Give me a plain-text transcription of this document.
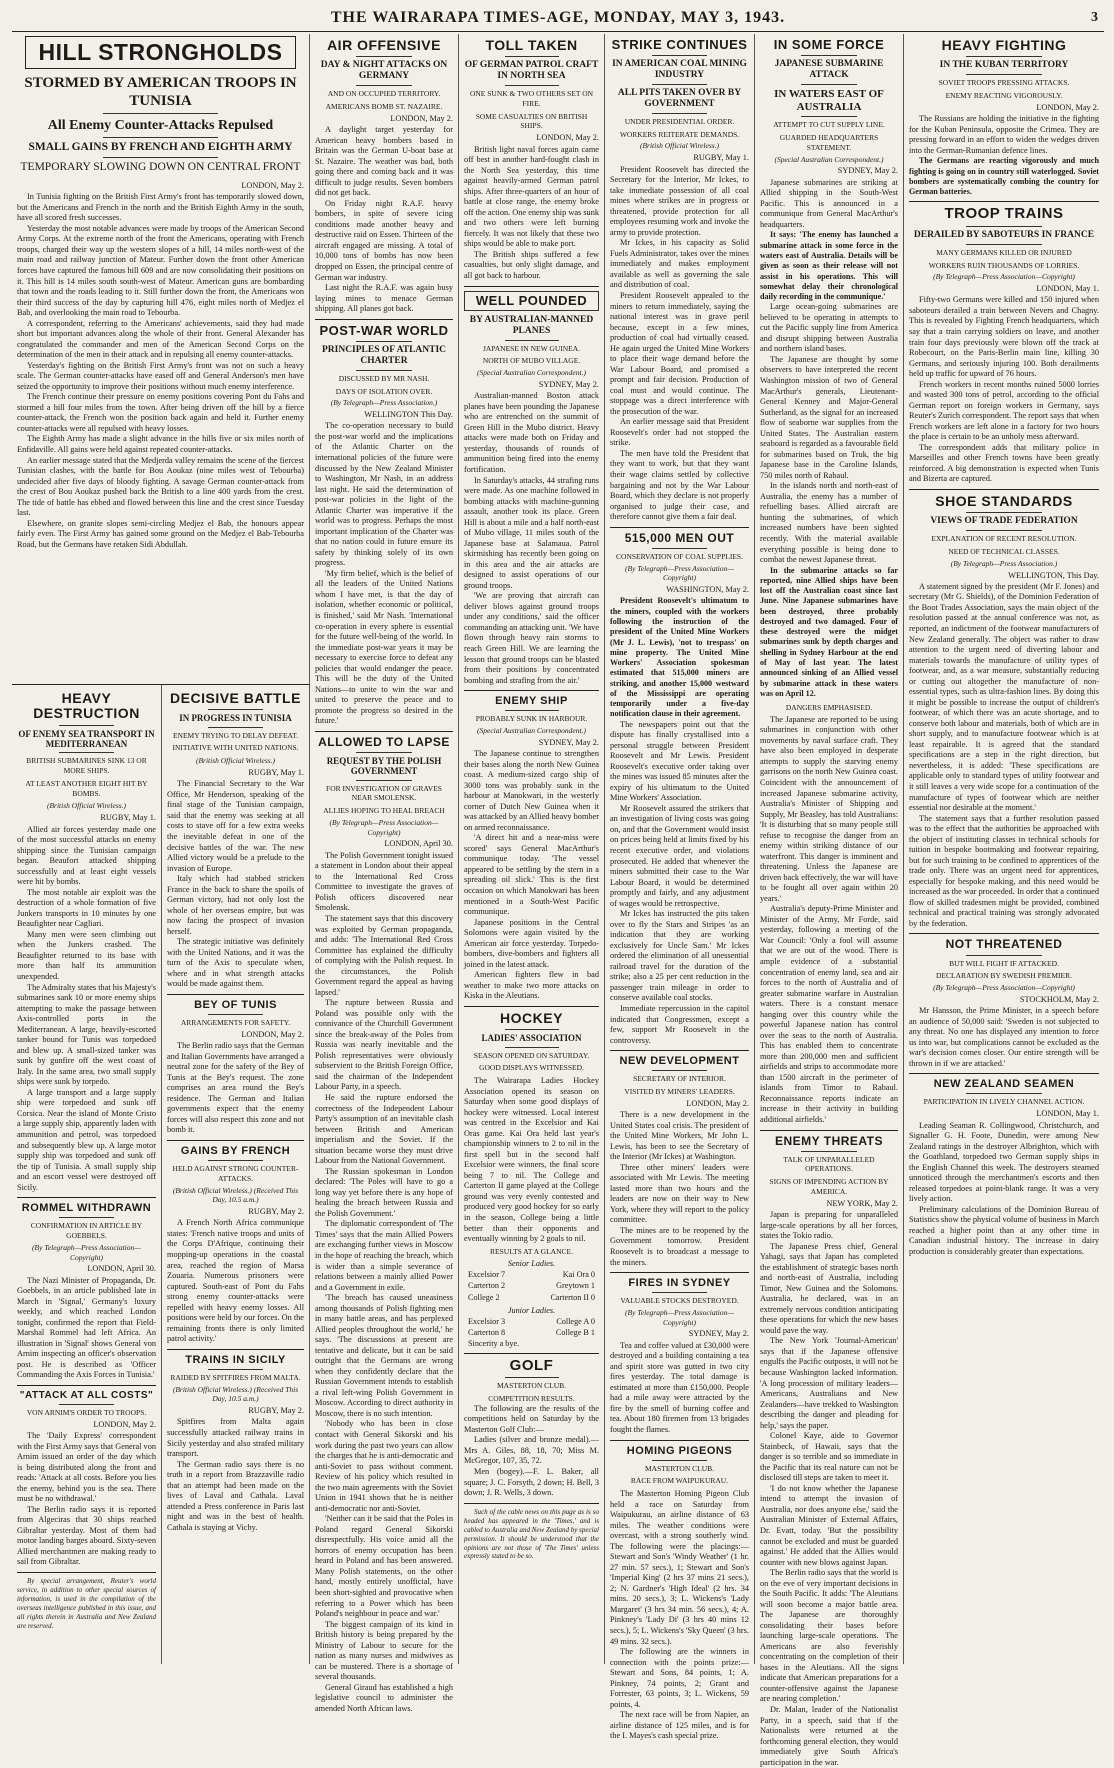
THE WAIRARAPA TIMES-AGE, MONDAY, MAY 3, 1943.	3
HILL STRONGHOLDS
STORMED BY AMERICAN TROOPS IN TUNISIA
All Enemy Counter-Attacks Repulsed
SMALL GAINS BY FRENCH AND EIGHTH ARMY
TEMPORARY SLOWING DOWN ON CENTRAL FRONT
LONDON, May 2.

In Tunisia fighting on the British First Army's front has temporarily slowed down, but the Americans and French in the north and the British Eighth Army in the south, have all scored fresh successes.

Yesterday the most notable advances were made by troops of the American Second Army Corps. At the extreme north of the front the Americans, operating with French troops, charged their way up the western slopes of a hill, 14 miles north-west of the main road and railway junction of Mateur. Further down the front other American forces have captured the famous hill 609 and are now consolidating their positions on it. This hill is 14 miles south south-west of Mateur. American guns are bombarding that town and the roads leading to it. Still further down the front, the Americans won their third success of the day by capturing hill 476, eight miles north of Medjez el Bab, and overlooking the main road to Tebourba.

A correspondent, referring to the Americans' achievements, said they had made short but important advances along the whole of their front. General Alexander has congratulated the commander and men of the American Second Corps on the determination of the men in their attack and in repulsing all enemy counter-attacks.

Yesterday's fighting on the British First Army's front was not on such a heavy scale. The German counter-attacks have eased off and General Anderson's men have seized the opportunity to improve their positions without much enemy interference.

The French continue their pressure on enemy positions covering Pont du Fahs and stormed a hill four miles from the town. After being driven off the hill by a fierce counter-attack, the French won the position back again and held it. Further enemy counter-attacks were all repulsed with heavy losses.

The Eighth Army has made a slight advance in the hills five or six miles north of Enfidaville. All gains were held against repeated counter-attacks.

An earlier message stated that the Medjerda valley remains the scene of the fiercest Tunisian clashes, with the battle for Bou Aoukaz (nine miles west of Tebourba) undecided after five days of bloody fighting. A savage German counter-attack from the crest of Bou Aoukaz pushed back the British to a line 400 yards from the crest. The tide of battle has ebbed and flowed between this line and the crest since Tuesday last.

Elsewhere, on granite slopes semi-circling Medjez el Bab, the honours appear fairly even. The First Army has gained some ground on the Medjez el Bab-Tebourba Road, but the Germans have retaken Sidi Abdullah.

HEAVY DESTRUCTION
OF ENEMY SEA TRANSPORT IN MEDITERRANEAN
BRITISH SUBMARINES SINK 13 OR MORE SHIPS.
AT LEAST ANOTHER EIGHT HIT BY BOMBS.
(British Official Wireless.)
RUGBY, May 1.

Allied air forces yesterday made one of the most successful attacks on enemy shipping since the Tunisian campaign began. Beaufort attacked shipping successfully and at least eight vessels were hit by bombs.

The most notable air exploit was the destruction of a whole formation of five Junkers transports in 10 minutes by one Beaufighter near Cagliari.

Many men were seen climbing out when the Junkers crashed. The Beaufighter returned to its base with more than half its ammunition unexpended.

The Admiralty states that his Majesty's submarines sank 10 or more enemy ships attempting to make the passage between Axis-controlled ports in the Mediterranean. A large, heavily-escorted tanker bound for Tunis was torpedoed and blew up. A small-sized tanker was sunk by gunfire off the west coast of Italy. In the same area, two small supply ships were sunk by torpedo.

A large transport and a large supply ship were torpedoed and sunk off Corsica. Near the island of Monte Cristo a large supply ship, apparently laden with ammunition and petrol, was torpedoed and subsequently blew up. A large motor supply ship was torpedoed and sunk off the tip of Tunisia. A small supply ship and an escort vessel were destroyed off Sicily.

ROMMEL WITHDRAWN
CONFIRMATION IN ARTICLE BY GOEBBELS.
(By Telegraph—Press Association—Copyright)
LONDON, April 30.

The Nazi Minister of Propaganda, Dr. Goebbels, in an article published late in March in 'Signal,' Germany's luxury weekly, and which reached London tonight, confirmed the report that Field-Marshal Rommel had left Africa. An illustration in 'Signal' shows General von Arnim inspecting an officer's observation post. He is described as 'Officer Commanding the Axis Forces in Tunisia.'

"ATTACK AT ALL COSTS"
VON ARNIM'S ORDER TO TROOPS.
LONDON, May 2.

The 'Daily Express' correspondent with the First Army says that General von Arnim issued an order of the day which is being distributed along the front and reads: 'Attack at all costs. Before you lies the enemy, behind you is the sea. There must be no withdrawal.'

The Berlin radio says it is reported from Algeciras that 30 ships reached Gibraltar yesterday. Most of them had motor landing barges aboard. Sixty-seven Allied merchantmen are making ready to sail from Gibraltar.

By special arrangement, Reuter's world service, in addition to other special sources of information, is used in the compilation of the overseas intelligence published in this issue, and all rights therein in Australia and New Zealand are reserved.

DECISIVE BATTLE
IN PROGRESS IN TUNISIA
ENEMY TRYING TO DELAY DEFEAT.
INITIATIVE WITH UNITED NATIONS.
(British Official Wireless.)
RUGBY, May 1.

The Financial Secretary to the War Office, Mr Henderson, speaking of the final stage of the Tunisian campaign, said that the enemy was seeking at all costs to stave off for a few extra weeks the inevitable defeat in one of the decisive battles of the war. The new Allied victory would be a prelude to the invasion of Europe.

Italy which had stabbed stricken France in the back to share the spoils of German victory, had not only lost the whole of her overseas empire, but was now facing the prospect of invasion herself.

The strategic initiative was definitely with the United Nations, and it was the turn of the Axis to speculate when, where and in what strength attacks would be made against them.

BEY OF TUNIS
ARRANGEMENTS FOR SAFETY.
LONDON, May 2.

The Berlin radio says that the German and Italian Governments have arranged a neutral zone for the safety of the Bey of Tunis at the Bey's request. The zone comprises an area round the Bey's residence. The German and Italian governments expect that the enemy forces will also respect this zone and not bomb it.

GAINS BY FRENCH
HELD AGAINST STRONG COUNTER-ATTACKS.
(British Official Wireless.) (Received This Day, 10.5 a.m.)
RUGBY, May 2.

A French North Africa communique states: 'French native troops and units of the Corps D'Afrique, continuing their mopping-up operations in the coastal area, reached the region of Marsa Zouaria. Numerous prisoners were captured. South-east of Pont du Fahs strong enemy counter-attacks were repelled with heavy enemy losses. All positions were held by our forces. On the remaining fronts there is only limited patrol activity.'

TRAINS IN SICILY
RAIDED BY SPITFIRES FROM MALTA.
(British Official Wireless.) (Received This Day, 10.5 a.m.)
RUGBY, May 2.

Spitfires from Malta again successfully attacked railway trains in Sicily yesterday and also strafed military transport.

The German radio says there is no truth in a report from Brazzaville radio that an attempt had been made on the lives of Laval and Cathala. Laval attended a Press conference in Paris last night and was in the best of health. Cathala is staying at Vichy.

AIR OFFENSIVE
DAY & NIGHT ATTACKS ON GERMANY
AND ON OCCUPIED TERRITORY.
AMERICANS BOMB ST. NAZAIRE.
LONDON, May 2.

A daylight target yesterday for American heavy bombers based in Britain was the German U-boat base at St. Nazaire. The weather was bad, both going there and coming back and it was difficult to judge results. Seven bombers did not get back.

On Friday night R.A.F. heavy bombers, in spite of severe icing conditions made another heavy and destructive raid on Essen. Thirteen of the aircraft engaged are missing. A total of 10,000 tons of bombs has now been dropped on Essen, the principal centre of German war industry.

Last night the R.A.F. was again busy laying mines to menace German shipping. All planes got back.

POST-WAR WORLD
PRINCIPLES OF ATLANTIC CHARTER
DISCUSSED BY MR NASH.
DAYS OF ISOLATION OVER.
(By Telegraph—Press Association.)
WELLINGTON This Day.

The co-operation necessary to build the post-war world and the implications of the Atlantic Charter on the international policies of the future were discussed by the New Zealand Minister to Washington, Mr Nash, in an address last night. He said the determination of post-war policies in the light of the Atlantic Charter was imperative if the world was to progress. Perhaps the most important implication of the Charter was that no nation could in future ensure its safety by thinking solely of its own progress.

'My firm belief, which is the belief of all the leaders of the United Nations whom I have met, is that the day of isolation, whether economic or political, is finished,' said Mr Nash. 'International co-operation in every sphere is essential for the future well-being of the world. In the immediate post-war years it may be necessary to exercise force to defeat any policies that would endanger the peace. This will be the duty of the United Nations—to unite to win the war and united to preserve the peace and to promote the progress so desired in the future.'

ALLOWED TO LAPSE
REQUEST BY THE POLISH GOVERNMENT
FOR INVESTIGATION OF GRAVES NEAR SMOLENSK.
ALLIES HOPING TO HEAL BREACH
(By Telegraph—Press Association—Copyright)
LONDON, April 30.

The Polish Government tonight issued a statement in London about their appeal to the International Red Cross Committee to investigate the graves of Polish officers discovered near Smolensk.

The statement says that this discovery was exploited by German propaganda, and adds: 'The International Red Cross Committee has explained the difficulty of complying with the Polish request. In the circumstances, the Polish Government regard the appeal as having lapsed.'

The rupture between Russia and Poland was possible only with the connivance of the Churchill Government since the break-away of the Poles from Russia was nearly inevitable and the Polish representatives were obviously subservient to the British Foreign Office, said the chairman of the Independent Labour Party, in a speech.

He said the rupture endorsed the correctness of the Independent Labour Party's assumption of an inevitable clash between British and American imperialism and the Soviet. If the situation became worse they must drive Labour from the National Government.

The Russian spokesman in London declared: 'The Poles will have to go a long way yet before there is any hope of healing the breach between Russia and the Polish Government.'

The diplomatic correspondent of 'The Times' says that the main Allied Powers are exchanging further views in Moscow in the hope of reaching the breach, which is wider than a simple severance of relations between a mainly allied Power and a Government in exile.

'The breach has caused uneasiness among thousands of Polish fighting men in many battle areas, and has perplexed Allied peoples throughout the world,' he says. 'The discussions at present are tentative and delicate, but it can be said outright that the Germans are wrong when they confidently declare that the Russian Government intends to establish a rival left-wing Polish Government in Moscow. According to direct authority in Moscow, there is no such intention.

'Nobody who has been in close contact with General Sikorski and his work during the past two years can allow the charges that he is anti-democratic and anti-Soviet to pass without comment. Review of his policy which resulted in the two main agreements with the Soviet Union in 1941 shows that he is neither anti-democratic nor anti-Soviet.

'Neither can it be said that the Poles in Poland regard General Sikorski disrespectfully. His voice amid all the horrors of enemy occupation has been heard in Poland and has been answered. Many Polish statements, on the other hand, mostly entirely unofficial, have been short-sighted and provocative when referring to a Power which has been Poland's neighbour in peace and war.'

The biggest campaign of its kind in British history is being prepared by the Ministry of Labour to secure for the nation as many nurses and midwives as can be mustered. There is a shortage of several thousands.

General Giraud has established a high legislative council to administer the amended North African laws.

TOLL TAKEN
OF GERMAN PATROL CRAFT IN NORTH SEA
ONE SUNK & TWO OTHERS SET ON FIRE.
SOME CASUALTIES ON BRITISH SHIPS.
LONDON, May 2.

British light naval forces again came off best in another hard-fought clash in the North Sea yesterday, this time against heavily-armed German patrol ships. After three-quarters of an hour of battle at close range, the enemy broke off the action. One enemy ship was sunk and two others were left burning fiercely. It was not likely that these two ships would be able to make port.

The British ships suffered a few casualties, but only slight damage, and all got back to harbour.

WELL POUNDED
BY AUSTRALIAN-MANNED PLANES
JAPANESE IN NEW GUINEA.
NORTH OF MUBO VILLAGE.
(Special Australian Correspondent.)
SYDNEY, May 2.

Australian-manned Boston attack planes have been pounding the Japanese who are entrenched on the summit of Green Hill in the Mubo district. Heavy attacks were made both on Friday and yesterday, thousands of rounds of ammunition being fired into the enemy fortification.

In Saturday's attacks, 44 strafing runs were made. As one machine followed in bombing attacks with machine-gunning assault, another took its place. Green Hill is about a mile and a half north-east of Mubo village, 11 miles south of the Japanese base at Salamaua. Patrol skirmishing has recently been going on in this area and the air attacks are designed to assist operations of our ground troops.

'We are proving that aircraft can deliver blows against ground troops under any conditions,' said the officer commanding an attacking unit. 'We have flown through heavy rain storms to reach Green Hill. We are learning the lesson that ground troops can be blasted from their positions by concentrated bombing and strafing from the air.'

ENEMY SHIP
PROBABLY SUNK IN HARBOUR.
(Special Australian Correspondent.)
SYDNEY, May 2.

The Japanese continue to strengthen their bases along the north New Guinea coast. A medium-sized cargo ship of 3000 tons was probably sunk in the harbour at Manokwari, in the westerly corner of Dutch New Guinea when it was attacked by an Allied heavy bomber on armed reconnaissance.

'A direct hit and a near-miss were scored' says General MacArthur's communique today. 'The vessel appeared to be settling by the stern in a spreading oil slick.' This is the first occasion on which Manokwari has been mentioned in a South-West Pacific communique.

Japanese positions in the Central Solomons were again visited by the American air force yesterday. Torpedo-bombers, dive-bombers and fighters all joined in the latest attack.

American fighters flew in bad weather to make two more attacks on Kiska in the Aleutians.

HOCKEY
LADIES' ASSOCIATION
SEASON OPENED ON SATURDAY.
GOOD DISPLAYS WITNESSED.

The Wairarapa Ladies Hockey Association opened its season on Saturday when some good displays of hockey were witnessed. Local interest was centred in the Excelsior and Kai Oras game. Kai Ora held last year's championship winners to 2 to nil in the first spell but in the second half Excelsior were winners, the final score being 7 to nil. The College and Carterton II game played at the College ground was very evenly contested and produced very good hockey for so early in the season, College being a little better than their opponents and eventually winning by 2 goals to nil.

RESULTS AT A GLANCE.
Senior Ladies.
Excelsior 7	Kai Ora 0
Carterton 2	Greytown 1
College 2	Carterton II 0
Junior Ladies.
Excelsior 3	College A 0
Carterton 8	College B 1
Sincerity a bye.
GOLF
MASTERTON CLUB.
COMPETITION RESULTS.

The following are the results of the competitions held on Saturday by the Masterton Golf Club:—

Ladies (silver and bronze medal).—Mrs A. Giles, 88, 18, 70; Miss M. McGregor, 107, 35, 72.

Men (bogey).—F. L. Baker, all square; J. C. Forsyth, 2 down; H. Bell, 3 down; J. R. Wells, 3 down.

Such of the cable news on this page as is so headed has appeared in the 'Times,' and is cabled to Australia and New Zealand by special permission. It should be understood that the opinions are not those of 'The Times' unless expressly stated to be so.

STRIKE CONTINUES
IN AMERICAN COAL MINING INDUSTRY
ALL PITS TAKEN OVER BY GOVERNMENT
UNDER PRESIDENTIAL ORDER.
WORKERS REITERATE DEMANDS.
(British Official Wireless.)
RUGBY, May 1.

President Roosevelt has directed the Secretary for the Interior, Mr Ickes, to take immediate possession of all coal mines where strikes are in progress or threatened, provide protection for all employees resuming work and invoke the army to provide protection.

Mr Ickes, in his capacity as Solid Fuels Administrator, takes over the mines immediately and makes employment available as well as governing the sale and distribution of coal.

President Roosevelt appealed to the miners to return immediately, saying the national interest was in grave peril because, except in a few mines, production of coal had virtually ceased. He again urged the United Mine Workers to place their wage demand before the War Labour Board, and promised a prompt and fair decision. Production of coal must and would continue. The stoppage was a direct interference with the prosecution of the war.

An earlier message said that President Roosevelt's order had not stopped the strike.

The men have told the President that they want to work, but that they want their wage claims settled by collective bargaining and not by the War Labour Board, which they declare is not properly organised to judge their case, and therefore cannot give them a fair deal.

515,000 MEN OUT
CONSERVATION OF COAL SUPPLIES.
(By Telegraph—Press Association—Copyright)
WASHINGTON, May 2.

President Roosevelt's ultimatum to the miners, coupled with the workers following the instruction of the president of the United Mine Workers (Mr J. L. Lewis), 'not to trespass' on mine property. The United Mine Workers' Association spokesman estimated that 515,000 miners are striking, and another 15,000 westward of the Mississippi are operating temporarily under a five-day notification clause in their agreement.

The newspapers point out that the dispute has finally crystallised into a personal struggle between President Roosevelt and Mr Lewis. President Roosevelt's executive order taking over the mines was issued 85 minutes after the expiry of his ultimatum to the United Mine Workers' Association.

Mr Roosevelt assured the strikers that an investigation of living costs was going on, and that the Government would insist on prices being held at limits fixed by his recent executive order, and violations prosecuted. He added that whenever the miners submitted their case to the War Labour Board, it would be determined promptly and fairly, and any adjustment of wages would be retrospective.

Mr Ickes has instructed the pits taken over to fly the Stars and Stripes 'as an indication that they are working exclusively for Uncle Sam.' Mr Ickes ordered the elimination of all unessential railroad travel for the duration of the strike; also a 25 per cent reduction in the passenger train mileage in order to conserve available coal stocks.

Immediate repercussion in the capitol indicated that Congressmen, except a few, support Mr Roosevelt in the controversy.

NEW DEVELOPMENT
SECRETARY OF INTERIOR.
VISITED BY MINERS' LEADERS.
LONDON, May 2.

There is a new development in the United States coal crisis. The president of the United Mine Workers, Mr John L. Lewis, has been to see the Secretary of the Interior (Mr Ickes) at Washington.

Three other miners' leaders were associated with Mr Lewis. The meeting lasted more than two hours and the leaders are now on their way to New York, where they will report to the policy committee.

The mines are to be reopened by the Government tomorrow. President Roosevelt is to broadcast a message to the miners.

FIRES IN SYDNEY
VALUABLE STOCKS DESTROYED.
(By Telegraph—Press Association—Copyright)
SYDNEY, May 2.

Tea and coffee valued at £30,000 were destroyed and a building containing a tea and spirit store was gutted in two city fires yesterday. The total damage is estimated at more than £150,000. People had a mile away were attracted by the fire by the smell of burning coffee and tea. About 180 firemen from 13 brigades fought the flames.

HOMING PIGEONS
MASTERTON CLUB.
RACE FROM WAIPUKURAU.

The Masterton Homing Pigeon Club held a race on Saturday from Waipukurau, an airline distance of 63 miles. The weather conditions were overcast, with a strong southerly wind. The following were the placings:—Stewart and Son's 'Windy Weather' (1 hr. 27 min. 57 secs.), 1; Stewart and Son's 'Imperial King' (2 hrs 37 mins 21 secs.), 2; N. Gardner's 'High Ideal' (2 hrs. 34 mins. 20 secs.), 3; L. Wickens's 'Lady Margaret' (3 hrs 34 min. 56 secs.), 4; A. Pinkney's 'Lady Di' (3 hrs 40 mins 12 secs.), 5; L. Wickens's 'Sky Queen' (3 hrs. 49 mins. 32 secs.).

The following are the winners in connection with the points prize:—Stewart and Sons, 84 points, 1; A. Pinkney, 74 points, 2; Grant and Forrester, 63 points, 3; L. Wickens, 59 points, 4.

The next race will be from Napier, an airline distance of 125 miles, and is for the I. Mayes's cash special prize.

IN SOME FORCE
JAPANESE SUBMARINE ATTACK
IN WATERS EAST OF AUSTRALIA
ATTEMPT TO CUT SUPPLY LINE.
GUARDED HEADQUARTERS STATEMENT.
(Special Australian Correspondent.)
SYDNEY, May 2.

Japanese submarines are striking at Allied shipping in the South-West Pacific. This is announced in a communique from General MacArthur's headquarters.

It says: 'The enemy has launched a submarine attack in some force in the waters east of Australia. Details will be given as soon as their release will not assist in his operations. This will somewhat delay their chronological daily recording in the communique.'

Large ocean-going submarines are believed to be operating in attempts to cut the Pacific supply line from America and disrupt shipping between Australia and northern island bases.

The Japanese are thought by some observers to have interpreted the recent Washington mission of two of General MacArthur's generals, Lieutenant-General Kenney and Major-General Sutherland, as the signal for an increased flow of seaborne war supplies from the United States. The Australian eastern seaboard is regarded as a favourable field for submarines based on Truk, the big Japanese base in the Caroline Islands, 750 miles north of Rabaul.

In the islands north and north-east of Australia, the enemy has a number of refuelling bases. Allied aircraft are hunting the submarines, of which increased numbers have been sighted recently. With the material available everything possible is being done to combat the newest Japanese threat.

In the submarine attacks so far reported, nine Allied ships have been lost off the Australian coast since last June. Nine Japanese submarines have been destroyed, three probably destroyed and two damaged. Four of these destroyed were the midget submarines sunk by depth charges and shelling in Sydney Harbour at the end of May of last year. The latest announced sinking of an Allied vessel by submarine attack in these waters was on April 12.

DANGERS EMPHASISED.

The Japanese are reported to be using submarines in conjunction with other movements by naval surface craft. They have also been employed in desperate attempts to supply the starving enemy garrisons on the north New Guinea coast. Coincident with the announcement of increased Japanese submarine activity, Australia's Minister of Shipping and Supply, Mr Beasley, has told Australians: 'It is disturbing that so many people still refuse to recognise the danger from an enemy within striking distance of our waterfront. This danger is imminent and threatening. Unless the Japanese are driven back effectively, the war will have to be fought all over again within 20 years.'

Australia's deputy-Prime Minister and Minister of the Army, Mr Forde, said yesterday, following a meeting of the War Council: 'Only a fool will assume that we are out of the wood. There is ample evidence of a substantial concentration of enemy land, sea and air forces to the north of Australia and of greater submarine warfare in Australian waters. There is a constant menace hanging over this country while the powerful Japanese nation has control over the seas to the north of Australia. This has enabled them to concentrate more than 200,000 men and sufficient airfields and strips to accommodate more than 1500 aircraft in the perimeter of islands from Timor to Rabaul. Reconnaissance reports indicate an increase in their activity in building additional airfields.'

ENEMY THREATS
TALK OF UNPARALLELED OPERATIONS.
SIGNS OF IMPENDING ACTION BY AMERICA.
NEW YORK, May 2.

Japan is preparing for unparalleled large-scale operations by all her forces, states the Tokio radio.

The Japanese Press chief, General Yahagi, says that Japan has completed the establishment of strategic bases north and north-east of Australia, including Timor, New Guinea and the Solomons. Australia, he declared, was in an extremely nervous condition anticipating these operations for which the new bases would pave the way.

The New York 'Journal-American' says that if the Japanese offensive engulfs the Pacific outposts, it will not be because Washington lacked information. 'A long procession of military leaders—Americans, Australians and New Zealanders—have trekked to Washington describing the danger and pleading for help,' says the paper.

Colonel Kaye, aide to Governor Stainbeck, of Hawaii, says that the danger is so terrible and so immediate in the Pacific that its real nature can not be disclosed till steps are taken to meet it.

'I do not know whether the Japanese intend to attempt the invasion of Australia, nor does anyone else,' said the Australian Minister of External Affairs, Dr. Evatt, today. 'But the possibility cannot be excluded and must be guarded against.' He added that the Allies would counter with new blows against Japan.

The Berlin radio says that the world is on the eve of very important decisions in the South Pacific. It adds: 'The Aleutians will soon become a major battle area. The Japanese are thoroughly consolidating their bases before launching large-scale operations. The Americans are also feverishly concentrating on the completion of their bases in the Aleutians. All the signs indicate that American preparations for a counter-offensive against the Japanese are nearing completion.'

Dr. Malan, leader of the Nationalist Party, in a speech, said that if the Nationalists were returned at the forthcoming general election, they would immediately give South Africa's participation in the war.

HEAVY FIGHTING
IN THE KUBAN TERRITORY
SOVIET TROOPS PRESSING ATTACKS.
ENEMY REACTING VIGOROUSLY.
LONDON, May 2.

The Russians are holding the initiative in the fighting for the Kuban Peninsula, opposite the Crimea. They are pressing forward in an effort to widen the wedges driven into the German-Rumanian defence lines.

The Germans are reacting vigorously and much fighting is going on in country still waterlogged. Soviet bombers are systematically combing the country for German batteries.

TROOP TRAINS
DERAILED BY SABOTEURS IN FRANCE
MANY GERMANS KILLED OR INJURED
WORKERS RUIN THOUSANDS OF LORRIES.
(By Telegraph—Press Association—Copyright)
LONDON, May 1.

Fifty-two Germans were killed and 150 injured when saboteurs derailed a train between Nevers and Chagny. This is revealed by Fighting French headquarters, which say that a train carrying soldiers on leave, and another train four days previously were blown off the track at Robecourt, on the Paris-Berlin main line, killing 30 Germans, and seriously injuring 100. Both derailments held up traffic for upward of 76 hours.

French workers in recent months ruined 5000 lorries and wasted 300 tons of petrol, according to the official German report on foreign workers in Germany, says Reuter's Zurich correspondent. The report says that when French workers are left alone in a factory for two hours the place is certain to be an unholy mess afterward.

The correspondent adds that military police in Marseilles and other French towns have been greatly reinforced. A big demonstration is expected when Tunis and Bizerta are captured.

SHOE STANDARDS
VIEWS OF TRADE FEDERATION
EXPLANATION OF RECENT RESOLUTION.
NEED OF TECHNICAL CLASSES.
(By Telegraph—Press Association.)
WELLINGTON, This Day.

A statement signed by the president (Mr F. Jones) and secretary (Mr G. Shields), of the Dominion Federation of the Boot Trades Association, says the main object of the resolution passed at the annual conference was not, as reported, an indictment of the footwear manufacturers of New Zealand generally. The object was rather to draw attention to the urgent need of diverting labour and materials towards the manufacture of utility types of footwear, and, as a war measure, substantially reducing or cutting out altogether the manufacture of non-essential types, such as ultra-fashion lines. By doing this it might be possible to increase the output of children's footwear, of which there was an acute shortage, and to conserve both labour and materials, both of which are in short supply, and to manufacture footwear which is at least repairable. It is agreed that the standard specifications are a step in the right direction, but nevertheless, it is added: 'These specifications are applicable only to standard types of utility footwear and it still leaves a very wide scope for a continuation of the manufacture of types of footwear which are neither essential nor desirable at the moment.'

The statement says that a further resolution passed was to the effect that the authorities be approached with the object of instituting classes in technical schools for tuition in bespoke bootmaking and footwear repairing, but for such training to be confined to apprentices of the trade only. There was an urgent need for apprentices, especially for bespoke making, and this need would be increased as the war proceeded. In order that a continued flow of skilled tradesmen might be provided, combined technical and practical training was strongly advocated by the federation.

NOT THREATENED
BUT WILL FIGHT IF ATTACKED.
DECLARATION BY SWEDISH PREMIER.
(By Telegraph—Press Association—Copyright)
STOCKHOLM, May 2.

Mr Hansson, the Prime Minister, in a speech before an audience of 50,000 said: 'Sweden is not subjected to any threat. No one has displayed any intention to force us into war, but complications cannot be excluded as the war's decision comes closer. Our entire strength will be thrown in if we are attacked.'

NEW ZEALAND SEAMEN
PARTICIPATION IN LIVELY CHANNEL ACTION.
LONDON, May 1.

Leading Seaman R. Collingwood, Christchurch, and Signaller G. H. Foote, Dunedin, were among New Zealand ratings in the destroyer Albrighton, which with the Goathland, torpedoed two German supply ships in the English Channel this week. The destroyers steamed unnoticed through the merchantmen's escorts and then released torpedoes at point-blank range. It was a very lively action.

Preliminary calculations of the Dominion Bureau of Statistics show the physical volume of business in March reached a higher point than at any other time in Canadian industrial history. The increase in dairy production is considerably greater than expectations.
